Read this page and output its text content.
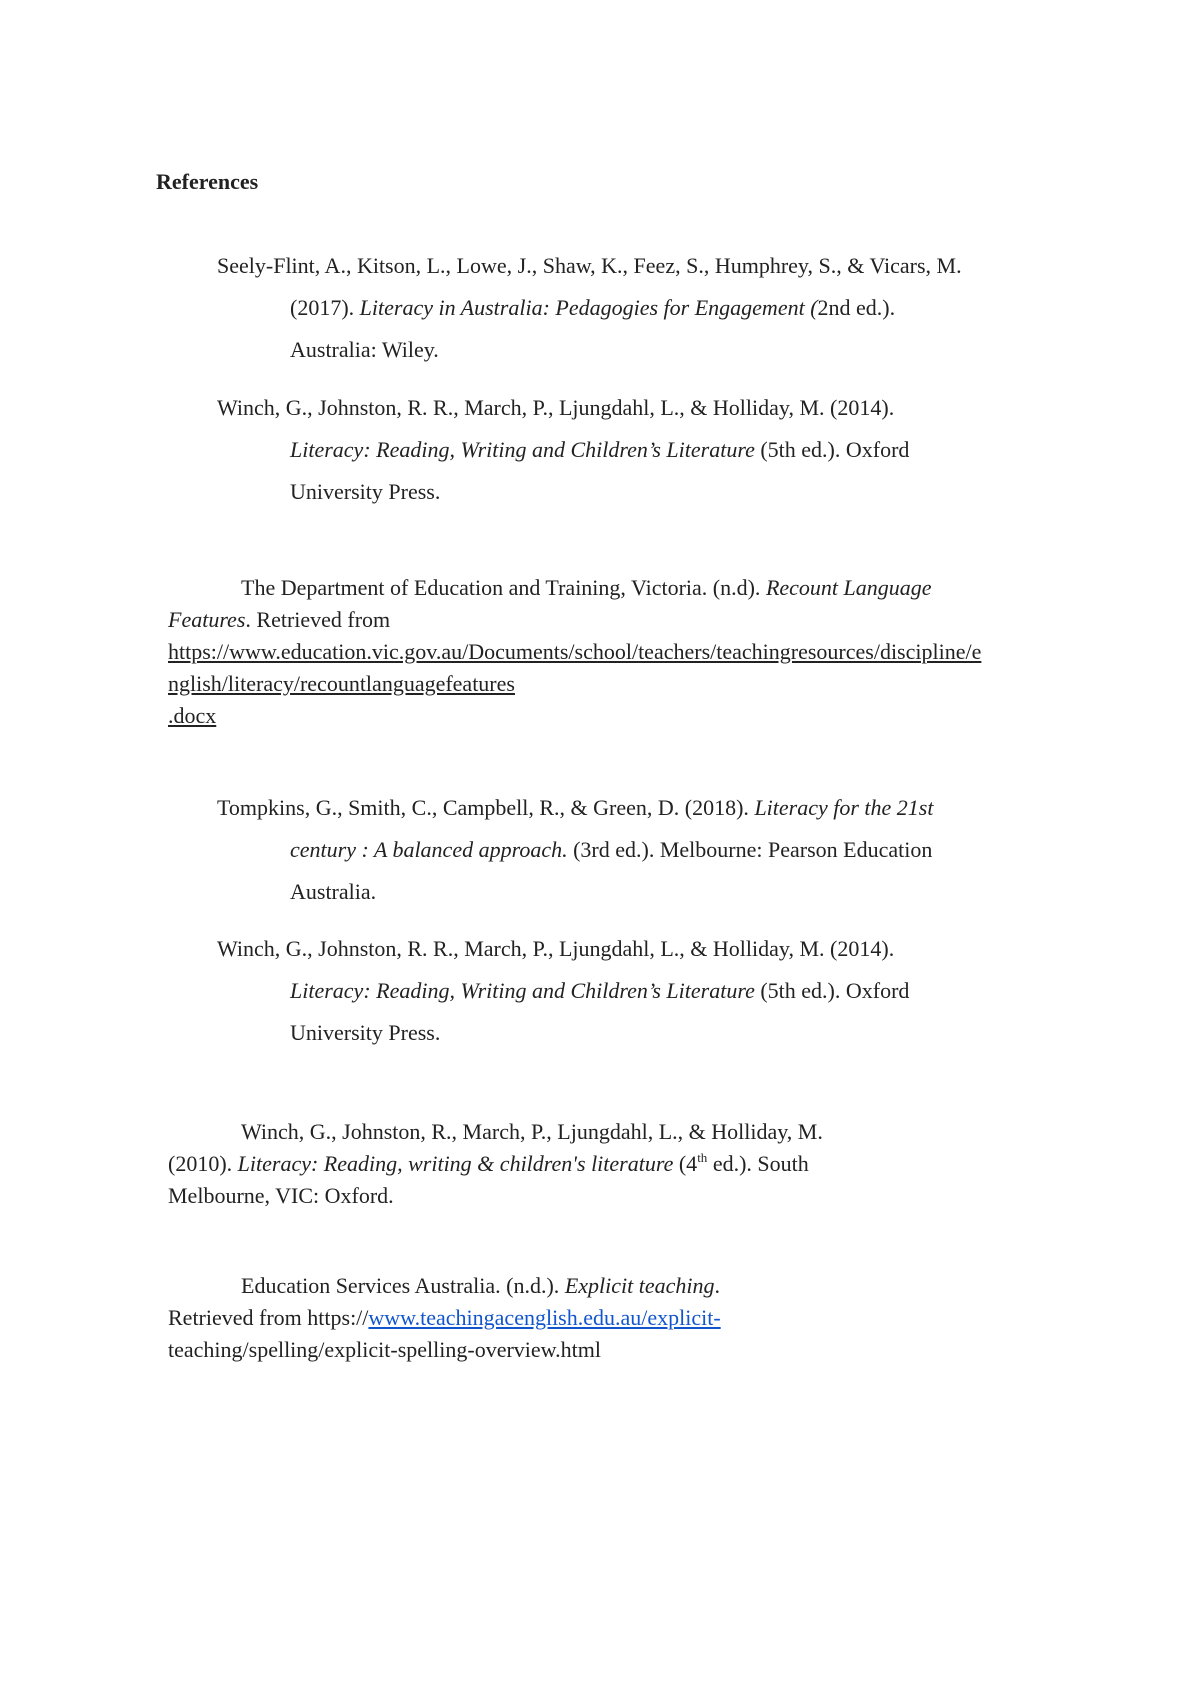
References
Seely-Flint, A., Kitson, L., Lowe, J., Shaw, K., Feez, S., Humphrey, S., & Vicars, M.
(2017). Literacy in Australia: Pedagogies for Engagement (2nd ed.).
Australia: Wiley.
Winch, G., Johnston, R. R., March, P., Ljungdahl, L., & Holliday, M. (2014).
Literacy: Reading, Writing and Children’s Literature (5th ed.). Oxford
University Press.
The Department of Education and Training, Victoria. (n.d). Recount Language
Features. Retrieved from
https://www.education.vic.gov.au/Documents/school/teachers/teachingresources/discipline/e
nglish/literacy/recountlanguagefeatures
.docx
Tompkins, G., Smith, C., Campbell, R., & Green, D. (2018). Literacy for the 21st
century : A balanced approach. (3rd ed.). Melbourne: Pearson Education
Australia.
Winch, G., Johnston, R. R., March, P., Ljungdahl, L., & Holliday, M. (2014).
Literacy: Reading, Writing and Children’s Literature (5th ed.). Oxford
University Press.
Winch, G., Johnston, R., March, P., Ljungdahl, L., & Holliday, M.
(2010). Literacy: Reading, writing & children's literature (4th ed.). South
Melbourne, VIC: Oxford.
Education Services Australia. (n.d.). Explicit teaching.
Retrieved from https://www.teachingacenglish.edu.au/explicit-
teaching/spelling/explicit-spelling-overview.html
